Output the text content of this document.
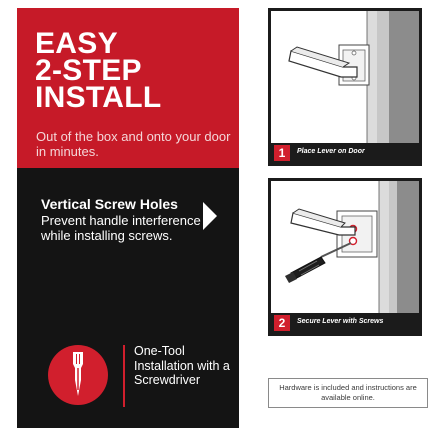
EASY
2-STEP
INSTALL
Out of the box and onto your door in minutes.
Vertical Screw Holes
Prevent handle interference while installing screws.
One-Tool Installation with a Screwdriver
1	Place Lever on Door
2	Secure Lever with Screws
Hardware is included and instructions are available online.
